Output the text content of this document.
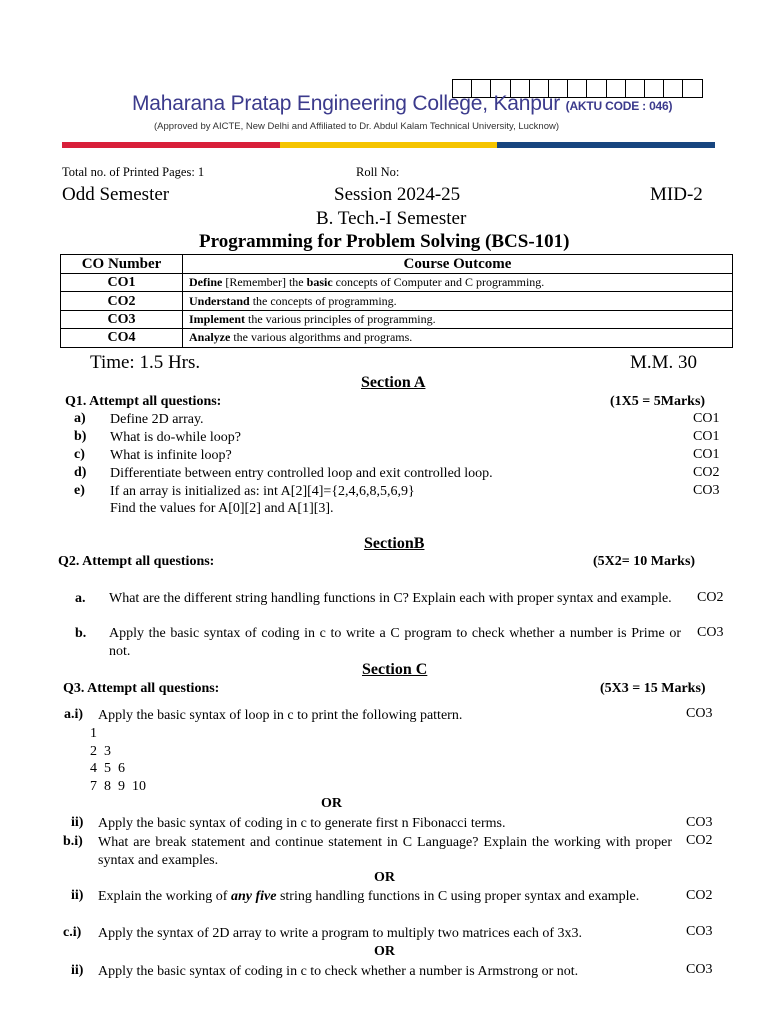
Maharana Pratap Engineering College, Kanpur (AKTU CODE : 046)
(Approved by AICTE, New Delhi and Affiliated to Dr. Abdul Kalam Technical University, Lucknow)
Total no. of Printed Pages: 1	Roll No:
Odd Semester	Session 2024-25	MID-2
B. Tech.-I Semester
Programming for Problem Solving (BCS-101)
CO Number	Course Outcome
CO1	Define [Remember] the basic concepts of Computer and C programming.
CO2	Understand the concepts of programming.
CO3	Implement the various principles of programming.
CO4	Analyze the various algorithms and programs.
Time: 1.5 Hrs.	M.M. 30
Section A
Q1. Attempt all questions:	(1X5 = 5Marks)
a) Define 2D array.	CO1
b) What is do-while loop?	CO1
c) What is infinite loop?	CO1
d) Differentiate between entry controlled loop and exit controlled loop.	CO2
e) If an array is initialized as: int A[2][4]={2,4,6,8,5,6,9}
Find the values for A[0][2] and A[1][3].
CO3
SectionB
Q2. Attempt all questions:	(5X2= 10 Marks)
a. What are the different string handling functions in C? Explain each with proper syntax and example.	CO2
b. Apply the basic syntax of coding in c to write a C program to check whether a number is Prime or not.
CO3
Section C
Q3. Attempt all questions:	(5X3 = 15 Marks)
a.i) Apply the basic syntax of loop in c to print the following pattern.	CO3
1
2  3
4  5  6
7  8  9  10
OR
ii) Apply the basic syntax of coding in c to generate first n Fibonacci terms.	CO3
b.i) What are break statement and continue statement in C Language? Explain the working with proper syntax and examples.
CO2
OR
ii) Explain the working of any five string handling functions in C using proper syntax and example.	CO2
c.i) Apply the syntax of 2D array to write a program to multiply two matrices each of 3x3.	CO3
OR
ii) Apply the basic syntax of coding in c to check whether a number is Armstrong or not.	CO3
